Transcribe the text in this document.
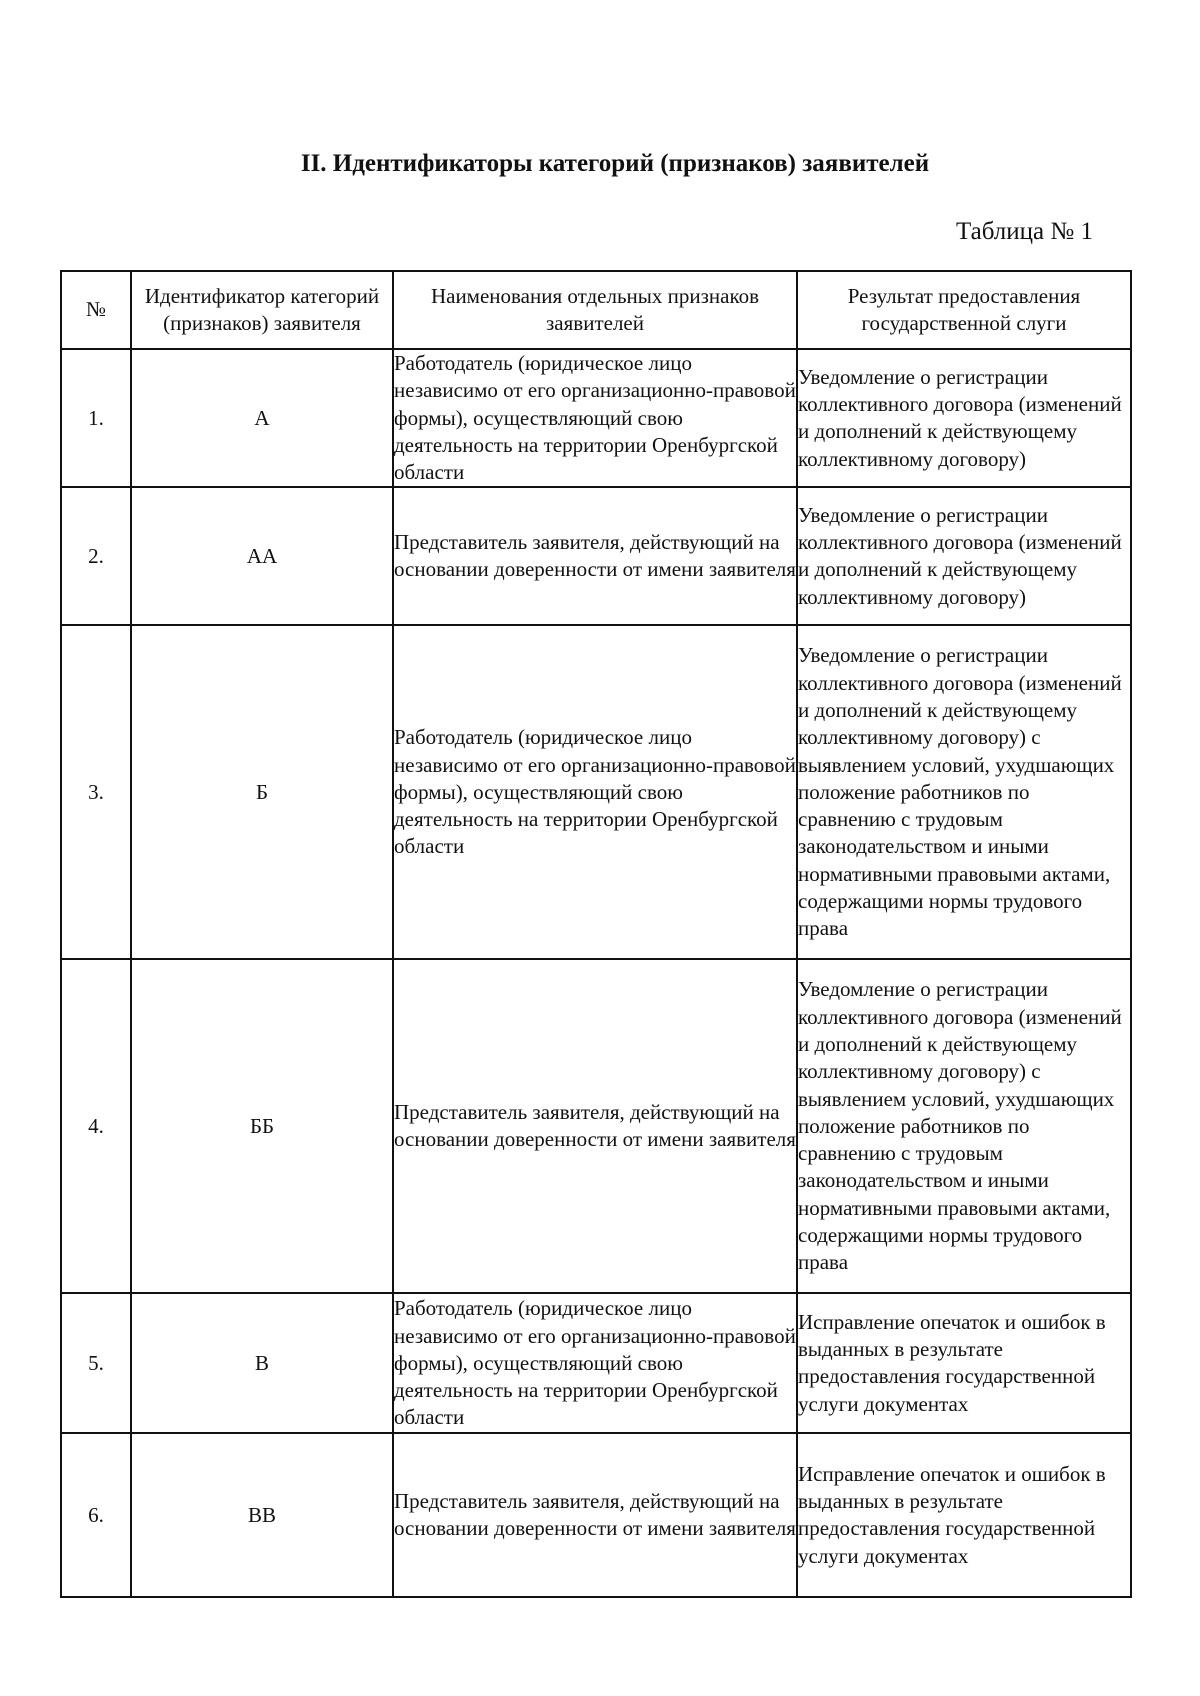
II. Идентификаторы категорий (признаков) заявителей
Таблица № 1
№	Идентификатор категорий (признаков) заявителя	Наименования отдельных признаков заявителей	Результат предоставления государственной слуги
1.	А	Работодатель (юридическое лицо независимо от его организационно-правовой формы), осуществляющий свою деятельность на территории Оренбургской области	Уведомление о регистрации коллективного договора (изменений и дополнений к действующему коллективному договору)
2.	АА	Представитель заявителя, действующий на основании доверенности от имени заявителя	Уведомление о регистрации коллективного договора (изменений и дополнений к действующему коллективному договору)
3.	Б	Работодатель (юридическое лицо независимо от его организационно-правовой формы), осуществляющий свою деятельность на территории Оренбургской области	Уведомление о регистрации коллективного договора (изменений и дополнений к действующему коллективному договору) с выявлением условий, ухудшающих положение работников по сравнению с трудовым законодательством и иными нормативными правовыми актами, содержащими нормы трудового права
4.	ББ	Представитель заявителя, действующий на основании доверенности от имени заявителя	Уведомление о регистрации коллективного договора (изменений и дополнений к действующему коллективному договору) с выявлением условий, ухудшающих положение работников по сравнению с трудовым законодательством и иными нормативными правовыми актами, содержащими нормы трудового права
5.	В	Работодатель (юридическое лицо независимо от его организационно-правовой формы), осуществляющий свою деятельность на территории Оренбургской области	Исправление опечаток и ошибок в выданных в результате предоставления государственной услуги документах
6.	ВВ	Представитель заявителя, действующий на основании доверенности от имени заявителя	Исправление опечаток и ошибок в выданных в результате предоставления государственной услуги документах
